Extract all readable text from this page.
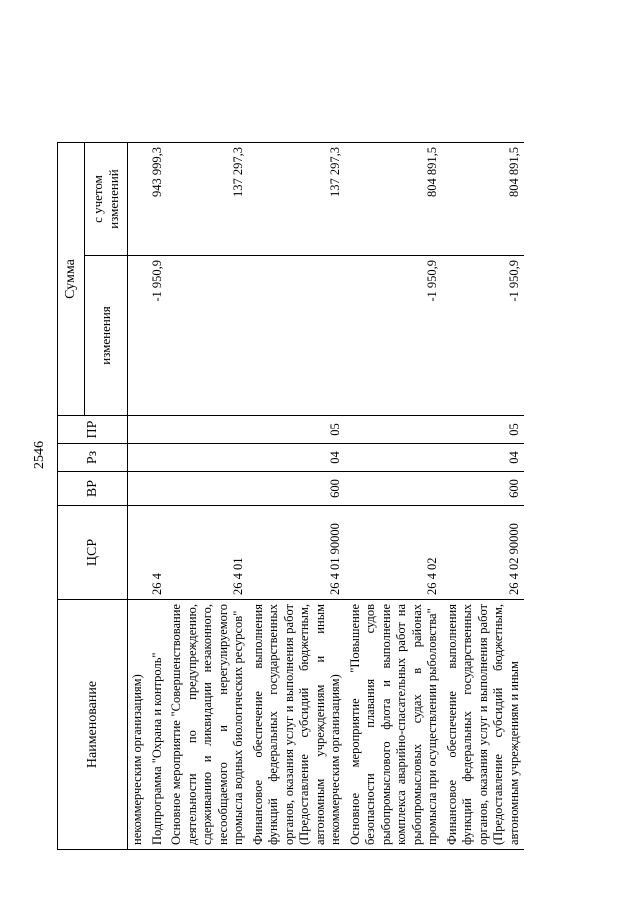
2546
Наименование	ЦСР	ВР	Рз	ПР	Сумма	
					изменения	с учетом изменений
некоммерческим организациям)						
Подпрограмма "Охрана и контроль"	26 4				-1 950,9	943 999,3
Основное мероприятие "Совершенствование деятельности по предупреждению, сдерживанию и ликвидации незаконного, несообщаемого и нерегулируемого промысла водных биологических ресурсов"	26 4 01					137 297,3
Финансовое обеспечение выполнения функций федеральных государственных органов, оказания услуг и выполнения работ (Предоставление субсидий бюджетным, автономным учреждениям и иным некоммерческим организациям)	26 4 01 90000	600	04	05		137 297,3
Основное мероприятие "Повышение безопасности плавания судов рыбопромыслового флота и выполнение комплекса аварийно-спасательных работ на рыбопромысловых судах в районах промысла при осуществлении рыболовства"	26 4 02				-1 950,9	804 891,5
Финансовое обеспечение выполнения функций федеральных государственных органов, оказания услуг и выполнения работ (Предоставление субсидий бюджетным, автономным учреждениям и иным	26 4 02 90000	600	04	05	-1 950,9	804 891,5
